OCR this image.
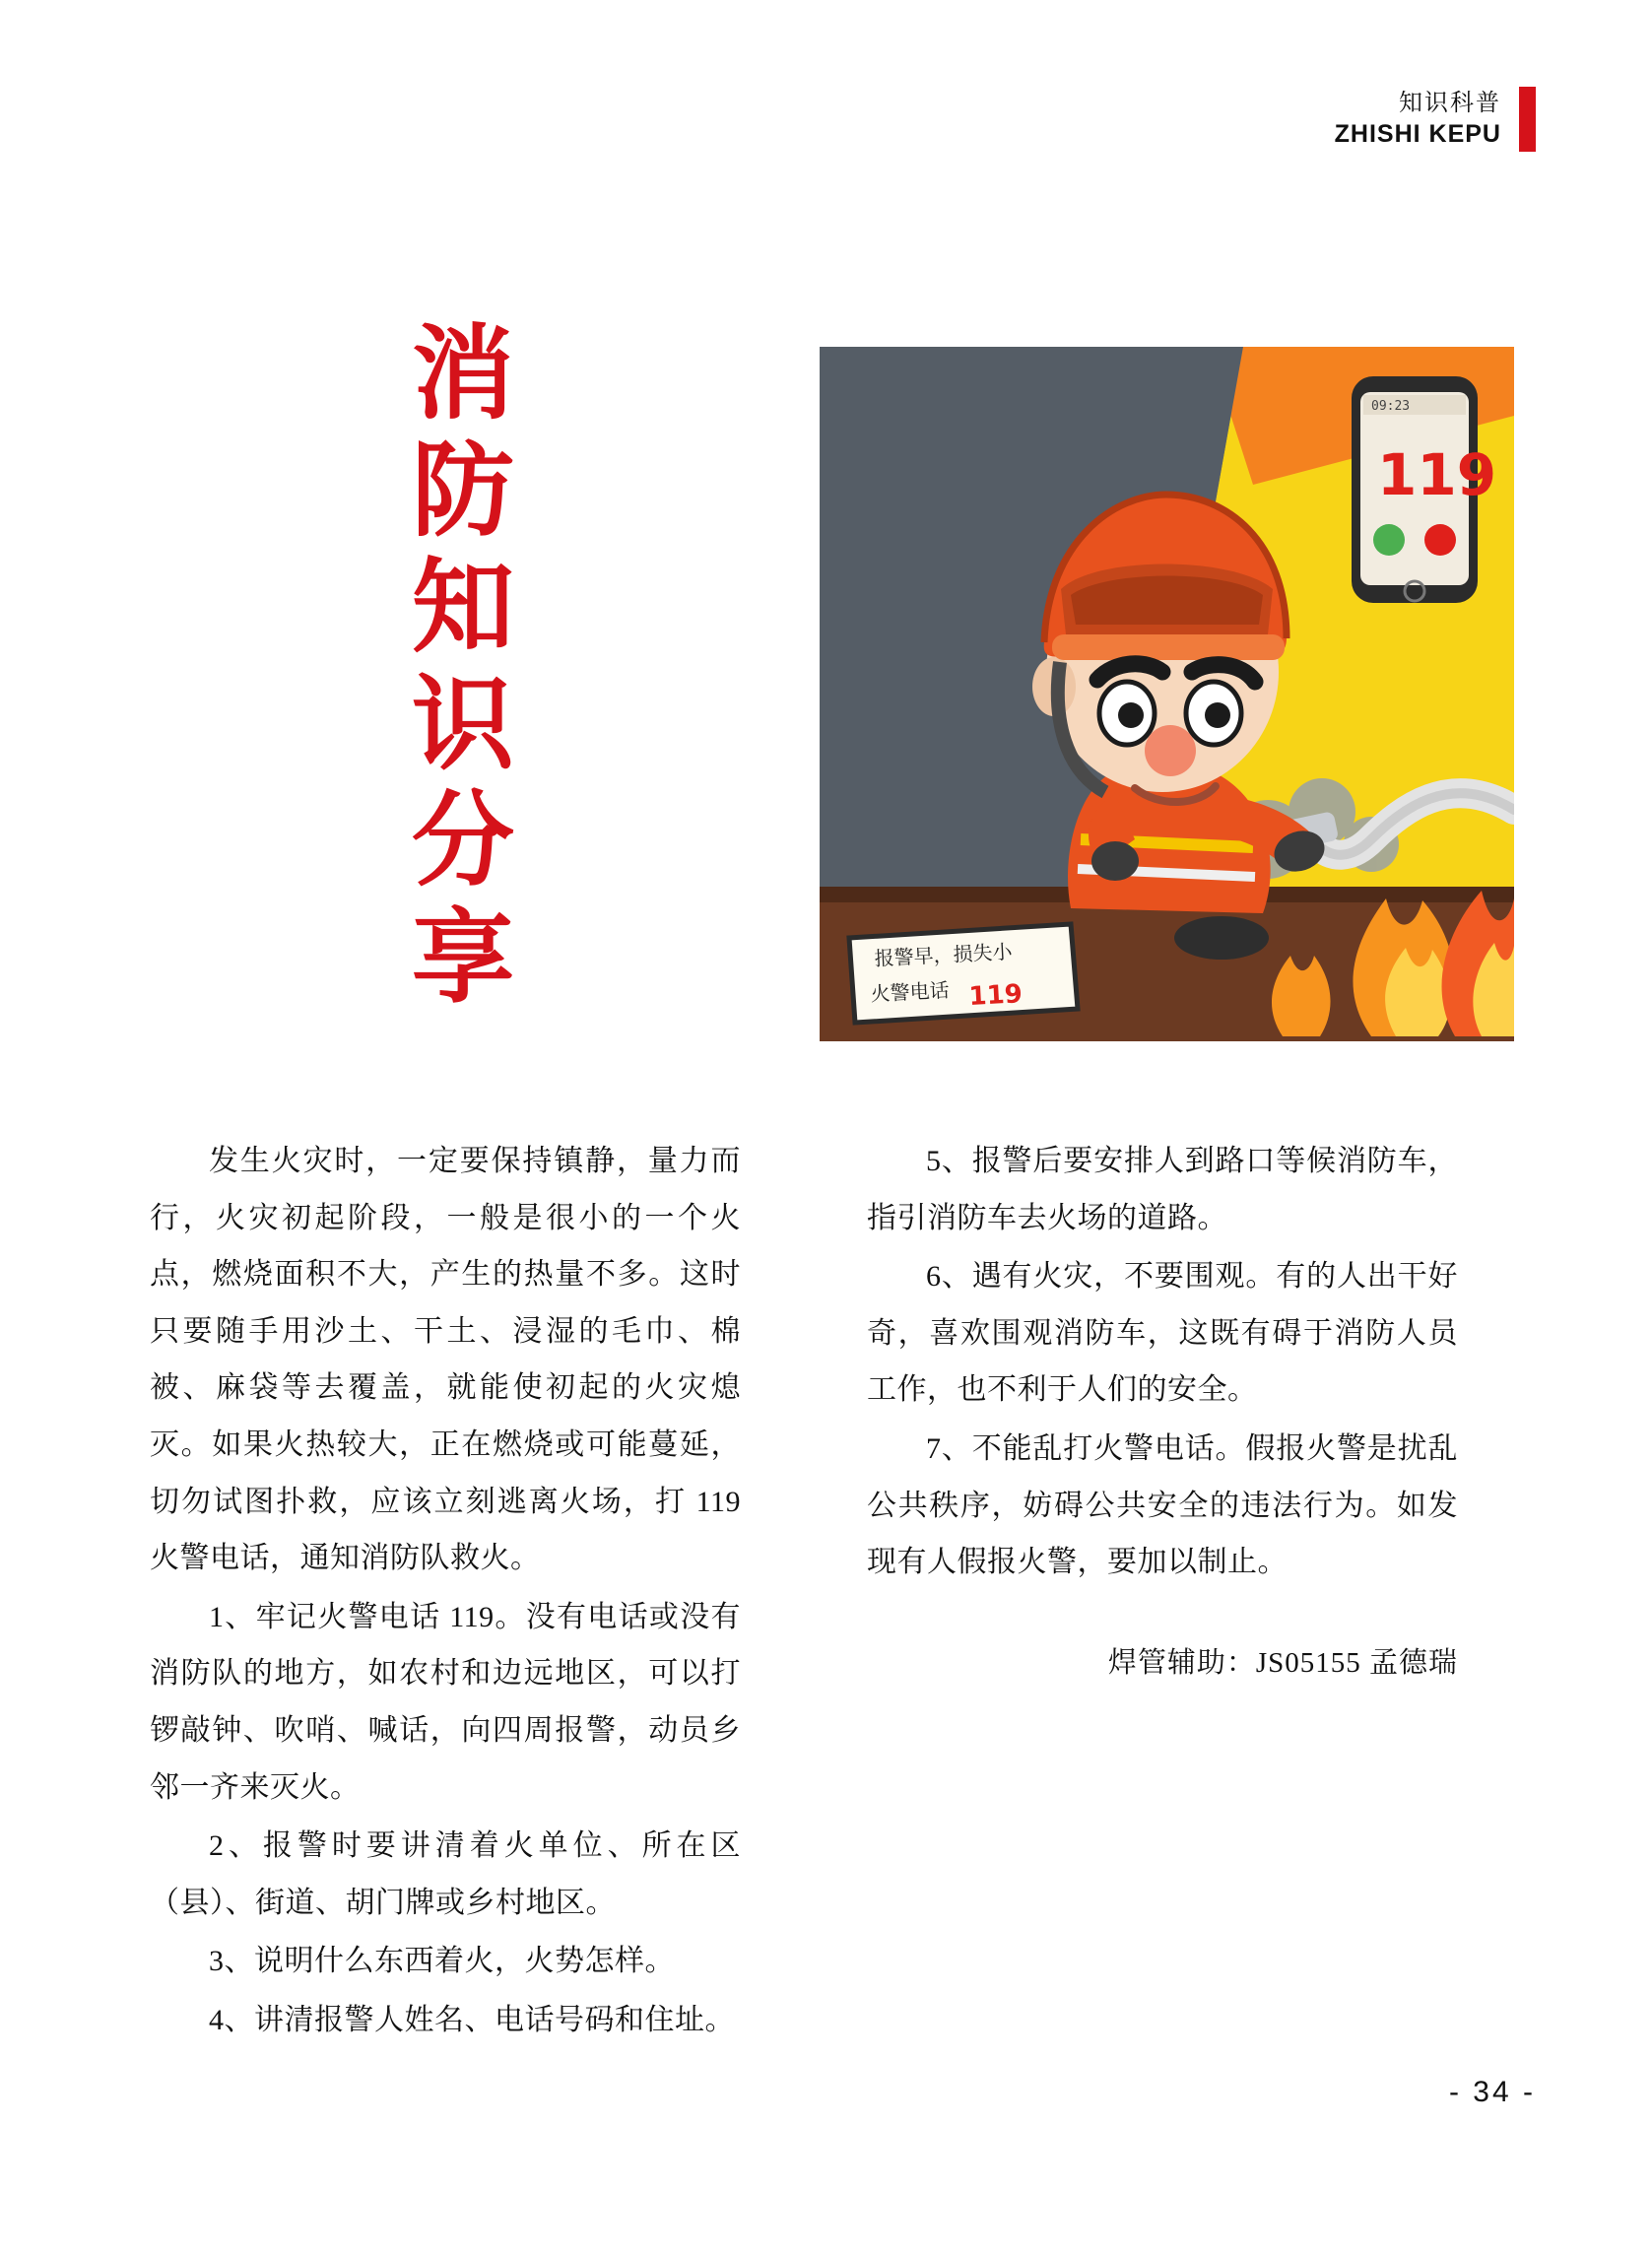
知识科普
ZHISHI KEPU
消
防
知
识
分
享
09:23
119
报警早，损失小
火警电话 119

发生火灾时，一定要保持镇静，量力而行，火灾初起阶段，一般是很小的一个火点，燃烧面积不大，产生的热量不多。这时只要随手用沙土、干土、浸湿的毛巾、棉被、麻袋等去覆盖，就能使初起的火灾熄灭。如果火热较大，正在燃烧或可能蔓延，切勿试图扑救，应该立刻逃离火场，打 119 火警电话，通知消防队救火。

1、牢记火警电话 119。没有电话或没有消防队的地方，如农村和边远地区，可以打锣敲钟、吹哨、喊话，向四周报警，动员乡邻一齐来灭火。

2、报警时要讲清着火单位、所在区（县）、街道、胡门牌或乡村地区。

3、说明什么东西着火，火势怎样。

4、讲清报警人姓名、电话号码和住址。

5、报警后要安排人到路口等候消防车，指引消防车去火场的道路。

6、遇有火灾，不要围观。有的人出干好奇，喜欢围观消防车，这既有碍于消防人员工作，也不利于人们的安全。

7、不能乱打火警电话。假报火警是扰乱公共秩序，妨碍公共安全的违法行为。如发现有人假报火警，要加以制止。

焊管辅助：JS05155 孟德瑞
- 34 -
